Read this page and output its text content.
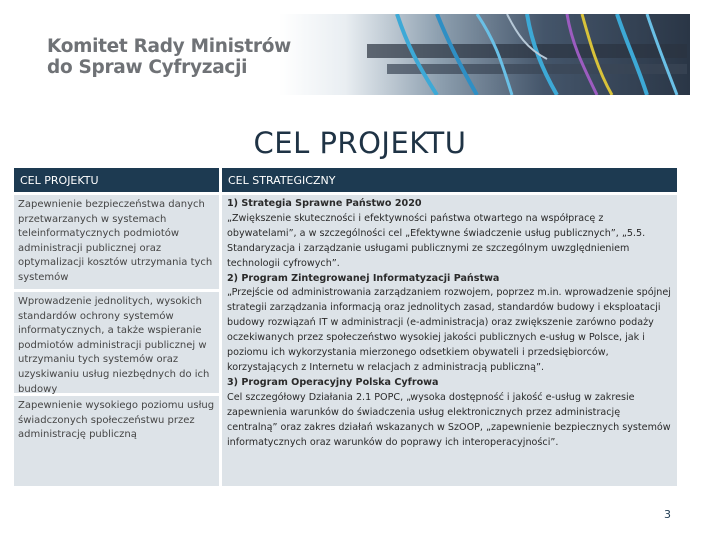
Komitet Rady Ministrów
do Spraw Cyfryzacji
CEL PROJEKTU
CEL PROJEKTU	CEL STRATEGICZNY
Zapewnienie bezpieczeństwa danych przetwarzanych w systemach teleinformatycznych podmiotów administracji publicznej oraz optymalizacji kosztów utrzymania tych systemów
Wprowadzenie jednolitych, wysokich standardów ochrony systemów informatycznych, a także wspieranie podmiotów administracji publicznej w utrzymaniu tych systemów oraz uzyskiwaniu usług niezbędnych do ich budowy
Zapewnienie wysokiego poziomu usług świadczonych społeczeństwu przez administrację publiczną

1) Strategia Sprawne Państwo 2020

„Zwiększenie skuteczności i efektywności państwa otwartego na współpracę z obywatelami”, a w szczególności cel „Efektywne świadczenie usług publicznych”, „5.5. Standaryzacja i zarządzanie usługami publicznymi ze szczególnym uwzględnieniem technologii cyfrowych”.

2) Program Zintegrowanej Informatyzacji Państwa

„Przejście od administrowania zarządzaniem rozwojem, poprzez m.in. wprowadzenie spójnej strategii zarządzania informacją oraz jednolitych zasad, standardów budowy i eksploatacji budowy rozwiązań IT w administracji (e-administracja) oraz zwiększenie zarówno podaży oczekiwanych przez społeczeństwo wysokiej jakości publicznych e-usług w Polsce, jak i poziomu ich wykorzystania mierzonego odsetkiem obywateli i przedsiębiorców, korzystających z Internetu w relacjach z administracją publiczną”.

3) Program Operacyjny Polska Cyfrowa

Cel szczegółowy Działania 2.1 POPC, „wysoka dostępność i jakość e-usług w zakresie zapewnienia warunków do świadczenia usług elektronicznych przez administrację centralną” oraz zakres działań wskazanych w SzOOP, „zapewnienie bezpiecznych systemów informatycznych oraz warunków do poprawy ich interoperacyjności”.

3
